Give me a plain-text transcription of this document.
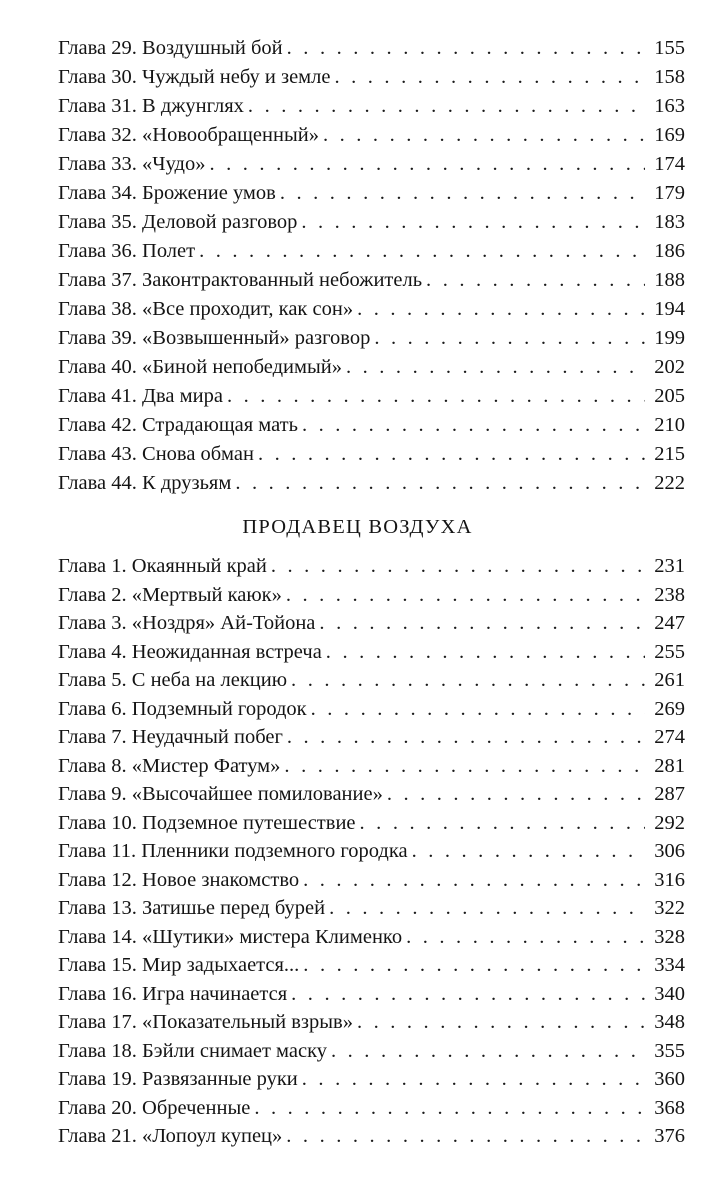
Глава 29. Воздушный бой . . .	155
Глава 30. Чуждый небу и земле . . .	158
Глава 31. В джунглях . . .	163
Глава 32. «Новообращенный» . . .	169
Глава 33. «Чудо» . . .	174
Глава 34. Брожение умов . . .	179
Глава 35. Деловой разговор . . .	183
Глава 36. Полет . . .	186
Глава 37. Законтрактованный небожитель . . .	188
Глава 38. «Все проходит, как сон» . . .	194
Глава 39. «Возвышенный» разговор . . .	199
Глава 40. «Биной непобедимый» . . .	202
Глава 41. Два мира . . .	205
Глава 42. Страдающая мать . . .	210
Глава 43. Снова обман . . .	215
Глава 44. К друзьям . . .	222
ПРОДАВЕЦ ВОЗДУХА
Глава 1. Окаянный край . . .	231
Глава 2. «Мертвый каюк» . . .	238
Глава 3. «Ноздря» Ай-Тойона . . .	247
Глава 4. Неожиданная встреча . . .	255
Глава 5. С неба на лекцию . . .	261
Глава 6. Подземный городок . . .	269
Глава 7. Неудачный побег . . .	274
Глава 8. «Мистер Фатум» . . .	281
Глава 9. «Высочайшее помилование» . . .	287
Глава 10. Подземное путешествие . . .	292
Глава 11. Пленники подземного городка . . .	306
Глава 12. Новое знакомство . . .	316
Глава 13. Затишье перед бурей . . .	322
Глава 14. «Шутики» мистера Клименко . . .	328
Глава 15. Мир задыхается... . . .	334
Глава 16. Игра начинается . . .	340
Глава 17. «Показательный взрыв» . . .	348
Глава 18. Бэйли снимает маску . . .	355
Глава 19. Развязанные руки . . .	360
Глава 20. Обреченные . . .	368
Глава 21. «Лопоул купец» . . .	376
